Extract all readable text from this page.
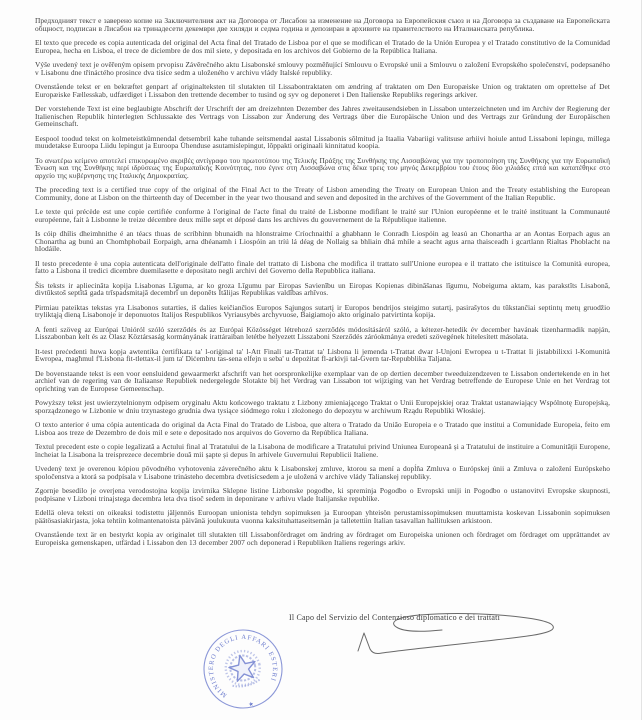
Предходният текст е заверено копие на Заключителния акт на Договора от Лисабон за изменение на Договора за Европейския съюз и на Договора за създаване на Европейската общност, подписан в Лисабон на тринадесети декември две хиляди и седма година и депозиран в архивите на правителството на Италианската република.

El texto que precede es copia autenticada del original del Acta final del Tratado de Lisboa por el que se modifican el Tratado de la Unión Europea y el Tratado constitutivo de la Comunidad Europea, hecha en Lisboa, el trece de diciembre de dos mil siete, y depositada en los archivos del Gobierno de la República Italiana.

Výše uvedený text je ověřeným opisem prvopisu Závěrečného aktu Lisabonské smlouvy pozměňující Smlouvu o Evropské unii a Smlouvu o založení Evropského společenství, podepsaného v Lisabonu dne třináctého prosince dva tisíce sedm a uloženého v archivu vlády Italské republiky.

Ovenstående tekst er en bekræftet genpart af originalteksten til slutakten til Lissabontraktaten om ændring af traktaten om Den Europæiske Union og traktaten om oprettelse af Det Europæiske Fællesskab, udfærdiget i Lissabon den trettende december to tusind og syv og deponeret i Den Italienske Republiks regerings arkiver.

Der vorstehende Text ist eine beglaubigte Abschrift der Urschrift der am dreizehnten Dezember des Jahres zweitausendsieben in Lissabon unterzeichneten und im Archiv der Regierung der Italienischen Republik hinterlegten Schlussakte des Vertrags von Lissabon zur Änderung des Vertrags über die Europäische Union und des Vertrags zur Gründung der Europäischen Gemeinschaft.

Eespool toodud tekst on kolmeteistkümnendal detsembril kahe tuhande seitsmendal aastal Lissabonis sõlmitud ja Itaalia Vabariigi valitsuse arhiivi hoiule antud Lissaboni lepingu, millega muudetakse Euroopa Liidu lepingut ja Euroopa Ühenduse asutamislepingut, lõppakti originaali kinnitatud koopia.

Το ανωτέρω κείμενο αποτελεί επικυρωμένο ακριβές αντίγραφο του πρωτοτύπου της Τελικής Πράξης της Συνθήκης της Λισσαβώνας για την τροποποίηση της Συνθήκης για την Ευρωπαϊκή Ένωση και της Συνθήκης περί ιδρύσεως της Ευρωπαϊκής Κοινότητας, που έγινε στη Λισσαβώνα στις δέκα τρεις του μηνός Δεκεμβρίου του έτους δύο χιλιάδες επτά και κατατέθηκε στο αρχείο της κυβέρνησης της Ιταλικής Δημοκρατίας.

The preceding text is a certified true copy of the original of the Final Act to the Treaty of Lisbon amending the Treaty on European Union and the Treaty establishing the European Community, done at Lisbon on the thirteenth day of December in the year two thousand and seven and deposited in the archives of the Government of the Italian Republic.

Le texte qui précède est une copie certifiée conforme à l'original de l'acte final du traité de Lisbonne modifiant le traité sur l'Union européenne et le traité instituant la Communauté européenne, fait à Lisbonne le treize décembre deux mille sept et déposé dans les archives du gouvernement de la République italienne.

Is cóip dhílis dheimhnithe é an téacs thuas de scríbhinn bhunaidh na hIonstraime Críochnaithí a ghabhann le Conradh Liospóin ag leasú an Chonartha ar an Aontas Eorpach agus an Chonartha ag bunú an Chomhphobail Eorpaigh, arna dhéanamh i Liospóin an tríú lá déag de Nollaig sa bhliain dhá mhíle a seacht agus arna thaisceadh i gcartlann Rialtas Phoblacht na hIodáile.

Il testo precedente è una copia autenticata dell'originale dell'atto finale del trattato di Lisbona che modifica il trattato sull'Unione europea e il trattato che istituisce la Comunità europea, fatto a Lisbona il tredici dicembre duemilasette e depositato negli archivi del Governo della Repubblica italiana.

Šis teksts ir apliecināta kopija Lisabonas Līguma, ar ko groza Līgumu par Eiropas Savienību un Eiropas Kopienas dibināšanas līgumu, Nobeiguma aktam, kas parakstīts Lisabonā, divtūkstoš septītā gada trīspadsmitajā decembrī un deponēts Itālijas Republikas valdības arhīvos.

Pirmiau pateiktas tekstas yra Lisabonos sutarties, iš dalies keičiančios Europos Sąjungos sutartį ir Europos bendrijos steigimo sutartį, pasirašytos du tūkstančiai septintų metų gruodžio tryliktąją dieną Lisabonoje ir deponuotos Italijos Respublikos Vyriausybės archyvuose, Baigiamojo akto originalo patvirtinta kopija.

A fenti szöveg az Európai Unióról szóló szerződés és az Európai Közösséget létrehozó szerződés módosításáról szóló, a kétezer-hetedik év december havának tizenharmadik napján, Lisszabonban kelt és az Olasz Köztársaság kormányának irattáraiban letétbe helyezett Lisszaboni Szerződés záróokmánya eredeti szövegének hitelesített másolata.

It-test preċedenti huwa kopja awtentika ċertifikata ta' l-oriġinal ta' l-Att Finali tat-Trattat ta' Lisbona li jemenda t-Trattat dwar l-Unjoni Ewropea u t-Trattat li jistabbilixxi l-Komunità Ewropea, magħmul f'Lisbona fit-tlettax-il jum ta' Diċembru tas-sena elfejn u seba' u depożitat fl-arkivji tal-Gvern tar-Repubblika Taljana.

De bovenstaande tekst is een voor eensluidend gewaarmerkt afschrift van het oorspronkelijke exemplaar van de op dertien december tweeduizendzeven te Lissabon ondertekende en in het archief van de regering van de Italiaanse Republiek nedergelegde Slotakte bij het Verdrag van Lissabon tot wijziging van het Verdrag betreffende de Europese Unie en het Verdrag tot oprichting van de Europese Gemeenschap.

Powyższy tekst jest uwierzytelnionym odpisem oryginału Aktu końcowego traktatu z Lizbony zmieniającego Traktat o Unii Europejskiej oraz Traktat ustanawiający Wspólnotę Europejską, sporządzonego w Lizbonie w dniu trzynastego grudnia dwa tysiące siódmego roku i złożonego do depozytu w archiwum Rządu Republiki Włoskiej.

O texto anterior é uma cópia autenticada do original da Acta Final do Tratado de Lisboa, que altera o Tratado da União Europeia e o Tratado que institui a Comunidade Europeia, feito em Lisboa aos treze de Dezembro de dois mil e sete e depositado nos arquivos do Governo da República Italiana.

Textul precedent este o copie legalizată a Actului final al Tratatului de la Lisabona de modificare a Tratatului privind Uniunea Europeană și a Tratatului de instituire a Comunității Europene, încheiat la Lisabona la treisprezece decembrie două mii șapte și depus în arhivele Guvernului Republicii Italiene.

Uvedený text je overenou kópiou pôvodného vyhotovenia záverečného aktu k Lisabonskej zmluve, ktorou sa mení a dopĺňa Zmluva o Európskej únii a Zmluva o založení Európskeho spoločenstva a ktorá sa podpísala v Lisabone trinásteho decembra dvetisícsedem a je uložená v archíve vlády Talianskej republiky.

Zgornje besedilo je overjena verodostojna kopija izvirnika Sklepne listine Lizbonske pogodbe, ki spreminja Pogodbo o Evropski uniji in Pogodbo o ustanovitvi Evropske skupnosti, podpisane v Lizboni trinajstega decembra leta dva tisoč sedem in deponirane v arhivu vlade Italijanske republike.

Edellä oleva teksti on oikeaksi todistettu jäljennös Euroopan unionista tehdyn sopimuksen ja Euroopan yhteisön perustamissopimuksen muuttamista koskevan Lissabonin sopimuksen päätösasiakirjasta, joka tehtiin kolmantenatoista päivänä joulukuuta vuonna kaksituhattaseitsemän ja talletettiin Italian tasavallan hallituksen arkistoon.

Ovanstående text är en bestyrkt kopia av originalet till slutakten till Lissabonfördraget om ändring av fördraget om Europeiska unionen och fördraget om fördraget om upprättandet av Europeiska gemenskapen, utfärdad i Lissabon den 13 december 2007 och deponerad i Republiken Italiens regerings arkiv.

Il Capo del Servizio del Contenzioso diplomatico e dei trattati
MINISTERO DEGLI AFFARI ESTERI
★
